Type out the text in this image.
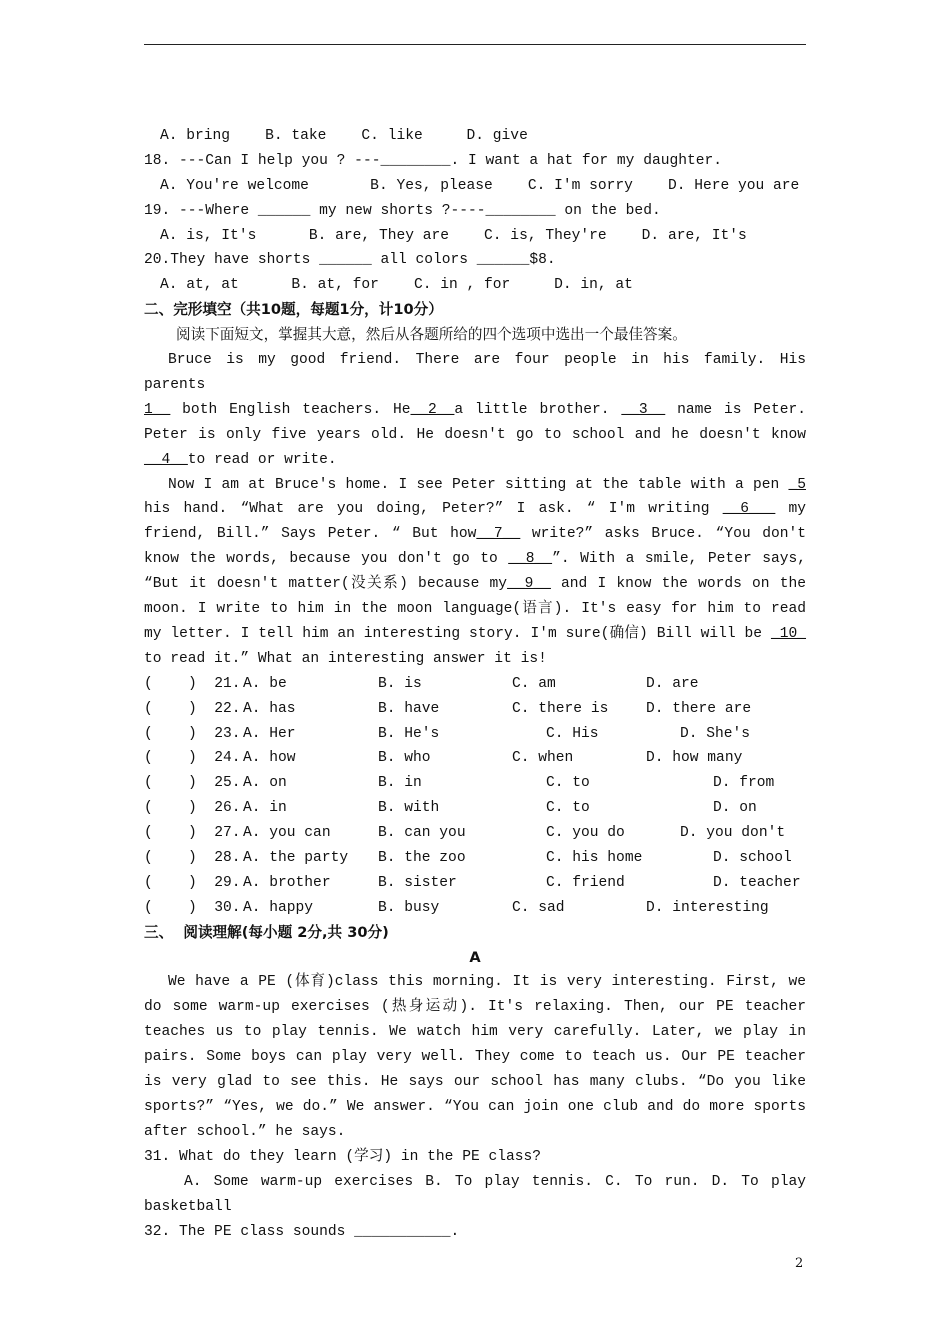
A. bring    B. take    C. like     D. give
18. ---Can I help you ? ---________. I want a hat for my daughter.
A. You're welcome       B. Yes, please    C. I'm sorry    D. Here you are
19. ---Where ______ my new shorts ?----________ on the bed.
A. is, It's      B. are, They are    C. is, They're    D. are, It's
20.They have shorts ______ all colors ______$8.
A. at, at      B. at, for    C. in , for     D. in, at
二、完形填空（共10题，每题1分，计10分）
阅读下面短文，掌握其大意，然后从各题所给的四个选项中选出一个最佳答案。
Bruce is my good friend. There are four people in his family. His parents
1__ both English teachers. He__2__a little brother. __3__ name is Peter. Peter is only five years old. He doesn't go to school and he doesn't know __4__to read or write.
Now I am at Bruce's home. I see Peter sitting at the table with a pen _5 his hand. “What are you doing, Peter?” I ask. “ I'm writing __6___ my friend, Bill.” Says Peter. “ But how__7__ write?” asks Bruce. “You don't know the words, because you don't go to __8__”. With a smile, Peter says, “But it doesn't matter(没关系) because my__9__ and I know the words on the moon. I write to him in the moon language(语言). It's easy for him to read my letter. I tell him an interesting story. I'm sure(确信) Bill will be _10_ to read it.” What an interesting answer it is!
( )  21. A. be	B. is	C. am	D. are
( )  22. A. has	B. have	C. there is	D. there are
( )  23. A. Her	B. He's	C. His	D. She's
( )  24. A. how	B. who	C. when	D. how many
( )  25. A. on	B. in	C. to	D. from
( )  26. A. in	B. with	C. to	D. on
( )  27. A. you can	B. can you	C. you do	D. you don't
( )  28. A. the party B. the zoo	C. his home	D. school
( )  29. A. brother	B. sister	C. friend	D. teacher
( )  30. A. happy	B. busy	C. sad	D. interesting
三、  阅读理解(每小题 2分,共 30分)
A
We have a PE (体育)class this morning. It is very interesting. First, we do some warm-up exercises (热身运动). It's relaxing. Then, our PE teacher teaches us to play tennis. We watch him very carefully. Later, we play in pairs. Some boys can play very well. They come to teach us. Our PE teacher is very glad to see this. He says our school has many clubs. “Do you like sports?” “Yes, we do.” We answer. “You can join one club and do more sports after school.” he says.
31. What do they learn (学习) in the PE class?
A. Some warm-up exercises B. To play tennis. C. To run. D. To play basketball
32. The PE class sounds ___________.
2
